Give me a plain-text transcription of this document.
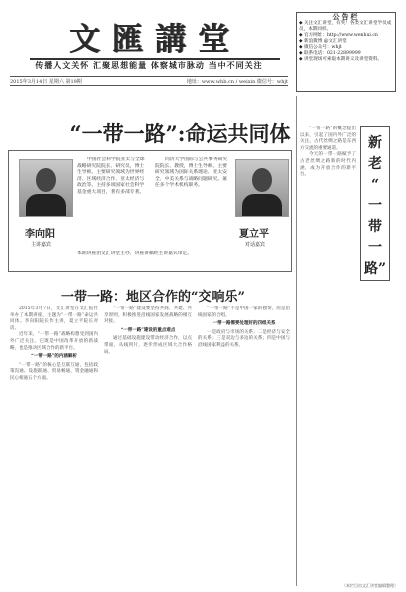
文匯講堂
传播人文关怀 汇聚思想能量 体察城市脉动 当中不同关注
2015年3月14日 星期六 第19期	地址：www.whb.cn / weixin 微信号：whjt
公告栏

◆ 关注文汇讲堂，有奖！各类文汇讲堂学员成员，本期同样。

◆ 官方网址：http://www.wenhui.cn

◆ 新浪微博 @文汇讲堂

◆ 微信公众号：whjt

◆ 联系电话：021-22899999

◆ 讲堂现场可索取本期讲义及讲堂资料。

“一带一路”:命运共同体
李向阳
主讲嘉宾
中国社会科学院亚太与全球战略研究院院长、研究员，博士生导师。主要研究领域为世界经济、区域经济合作、亚太经济与政治等。主持多项国家社会科学基金重大项目，著有多部专著。
同济大学国际与公共事务研究院院长、教授，博士生导师。主要研究领域为国际关系理论、亚太安全、中美关系与战略问题研究。兼任多个学术机构职务。
夏立平
对话嘉宾
本期讲座由文汇讲堂主办，讲座讲稿经主讲嘉宾审定。
一带一路：地区合作的“交响乐”

2015年3月7日，文汇讲堂在文汇报社举办了本期讲座，主题为“一带一路”命运共同体。李向阳院长作主讲，夏立平院长对话。

近年来，“一带一路”战略构想受到国内外广泛关注。它既是中国改革开放的新战略，也是推动区域合作的新平台。

“一带一路”的内涵解析

“一带一路”的核心是互联互通，包括政策沟通、设施联通、贸易畅通、资金融通和民心相通五个方面。

“一带一路”建设要坚持共商、共建、共享原则，积极推进沿线国家发展战略的相互对接。

“一带一路”建设的重点难点

通过基础设施建设带动经济合作，以点带面，从线到片，逐步形成区域大合作格局。

“一带一路”不是中国一家的独奏，而是沿线国家的合唱。

一带一路需要处理好的四组关系

一是政府与市场的关系；二是经济与安全的关系；三是双边与多边的关系；四是中国与沿线国家利益的关系。

“一带一路”的概念提出以来，引起了国内外广泛的关注。古代丝绸之路是东西方交流的重要通道。

今天的一带一路赋予了古老丝绸之路新的时代内涵，成为开放合作的新平台。

新
老
“
一
带
一
路”
（本栏目由文汇讲堂编辑整理）
